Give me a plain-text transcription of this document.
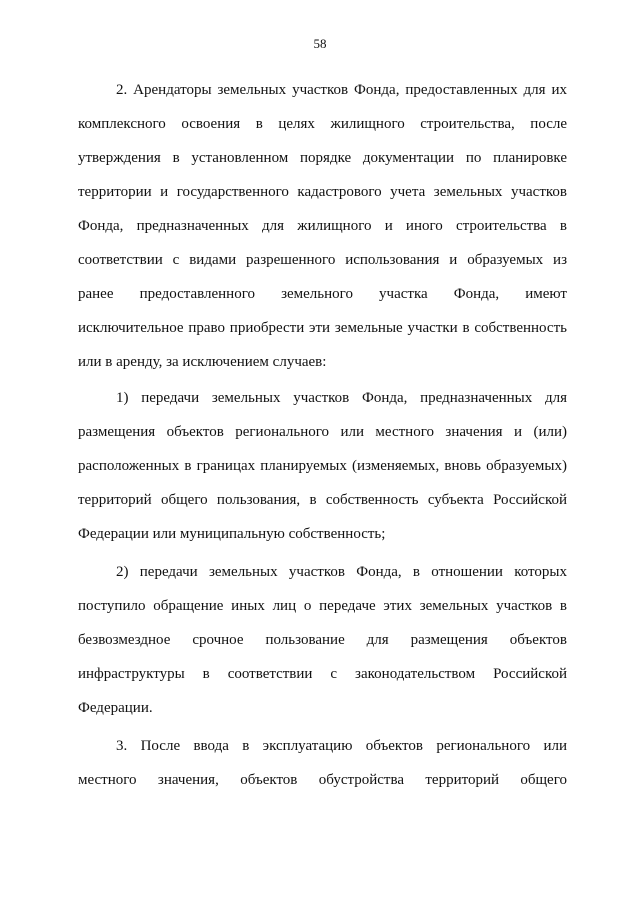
58
2. Арендаторы земельных участков Фонда, предоставленных для их
комплексного освоения в целях жилищного строительства, после
утверждения в установленном порядке документации по планировке
территории и государственного кадастрового учета земельных участков
Фонда, предназначенных для жилищного и иного строительства в
соответствии с видами разрешенного использования и образуемых из
ранее предоставленного земельного участка Фонда, имеют
исключительное право приобрести эти земельные участки в собственность
или в аренду, за исключением случаев:
1) передачи земельных участков Фонда, предназначенных для
размещения объектов регионального или местного значения и (или)
расположенных в границах планируемых (изменяемых, вновь образуемых)
территорий общего пользования, в собственность субъекта Российской
Федерации или муниципальную собственность;
2) передачи земельных участков Фонда, в отношении которых
поступило обращение иных лиц о передаче этих земельных участков в
безвозмездное срочное пользование для размещения объектов
инфраструктуры в соответствии с законодательством Российской
Федерации.
3. После ввода в эксплуатацию объектов регионального или
местного значения, объектов обустройства территорий общего
